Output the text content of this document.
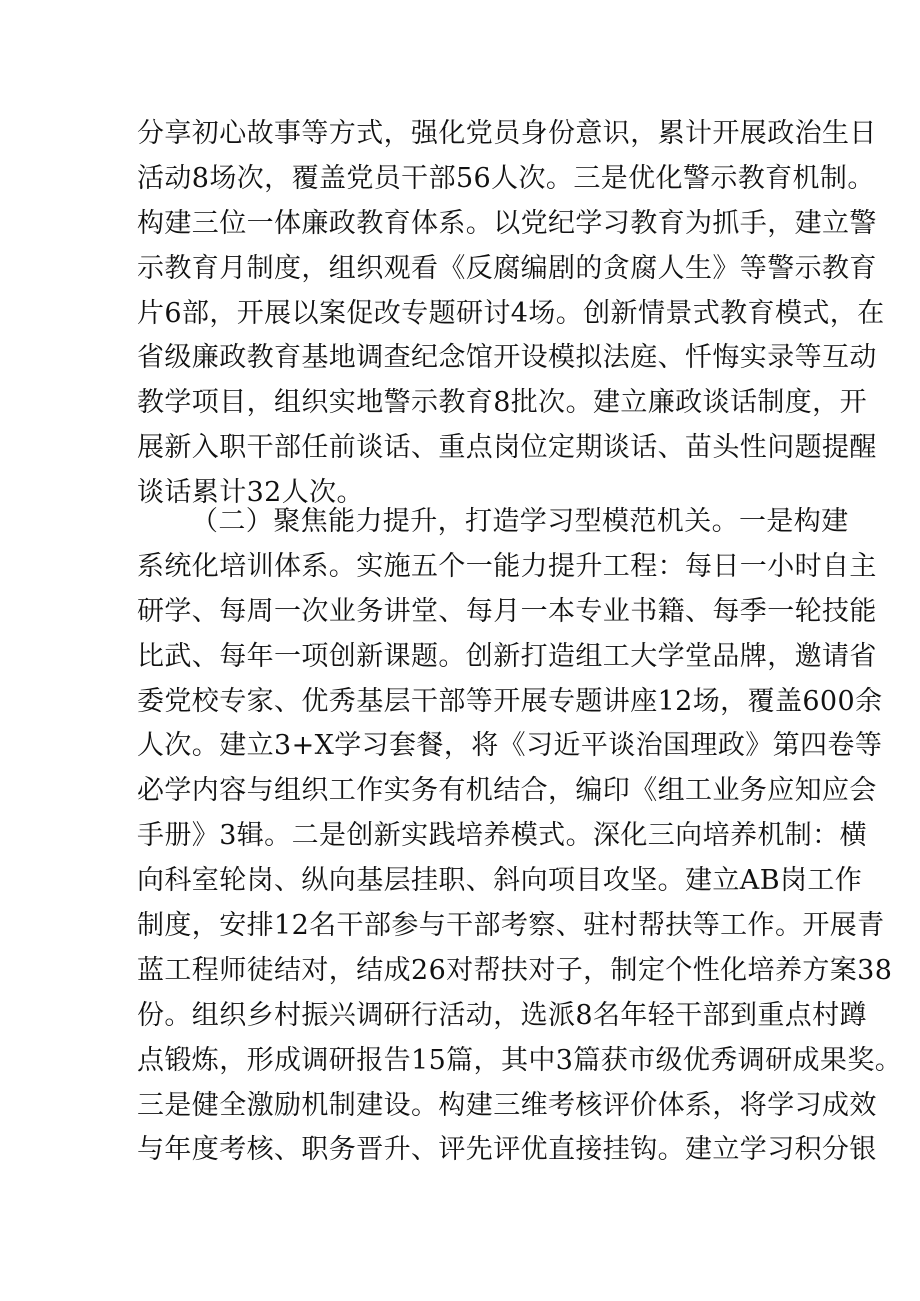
分享初心故事等方式，强化党员身份意识，累计开展政治生日
活动8场次，覆盖党员干部56人次。三是优化警示教育机制。
构建三位一体廉政教育体系。以党纪学习教育为抓手，建立警
示教育月制度，组织观看《反腐编剧的贪腐人生》等警示教育
片6部，开展以案促改专题研讨4场。创新情景式教育模式，在
省级廉政教育基地调查纪念馆开设模拟法庭、忏悔实录等互动
教学项目，组织实地警示教育8批次。建立廉政谈话制度，开
展新入职干部任前谈话、重点岗位定期谈话、苗头性问题提醒
谈话累计32人次。
（二）聚焦能力提升，打造学习型模范机关。一是构建
系统化培训体系。实施五个一能力提升工程：每日一小时自主
研学、每周一次业务讲堂、每月一本专业书籍、每季一轮技能
比武、每年一项创新课题。创新打造组工大学堂品牌，邀请省
委党校专家、优秀基层干部等开展专题讲座12场，覆盖600余
人次。建立3+X学习套餐，将《习近平谈治国理政》第四卷等
必学内容与组织工作实务有机结合，编印《组工业务应知应会
手册》3辑。二是创新实践培养模式。深化三向培养机制：横
向科室轮岗、纵向基层挂职、斜向项目攻坚。建立AB岗工作
制度，安排12名干部参与干部考察、驻村帮扶等工作。开展青
蓝工程师徒结对，结成26对帮扶对子，制定个性化培养方案38
份。组织乡村振兴调研行活动，选派8名年轻干部到重点村蹲
点锻炼，形成调研报告15篇，其中3篇获市级优秀调研成果奖。
三是健全激励机制建设。构建三维考核评价体系，将学习成效
与年度考核、职务晋升、评先评优直接挂钩。建立学习积分银
